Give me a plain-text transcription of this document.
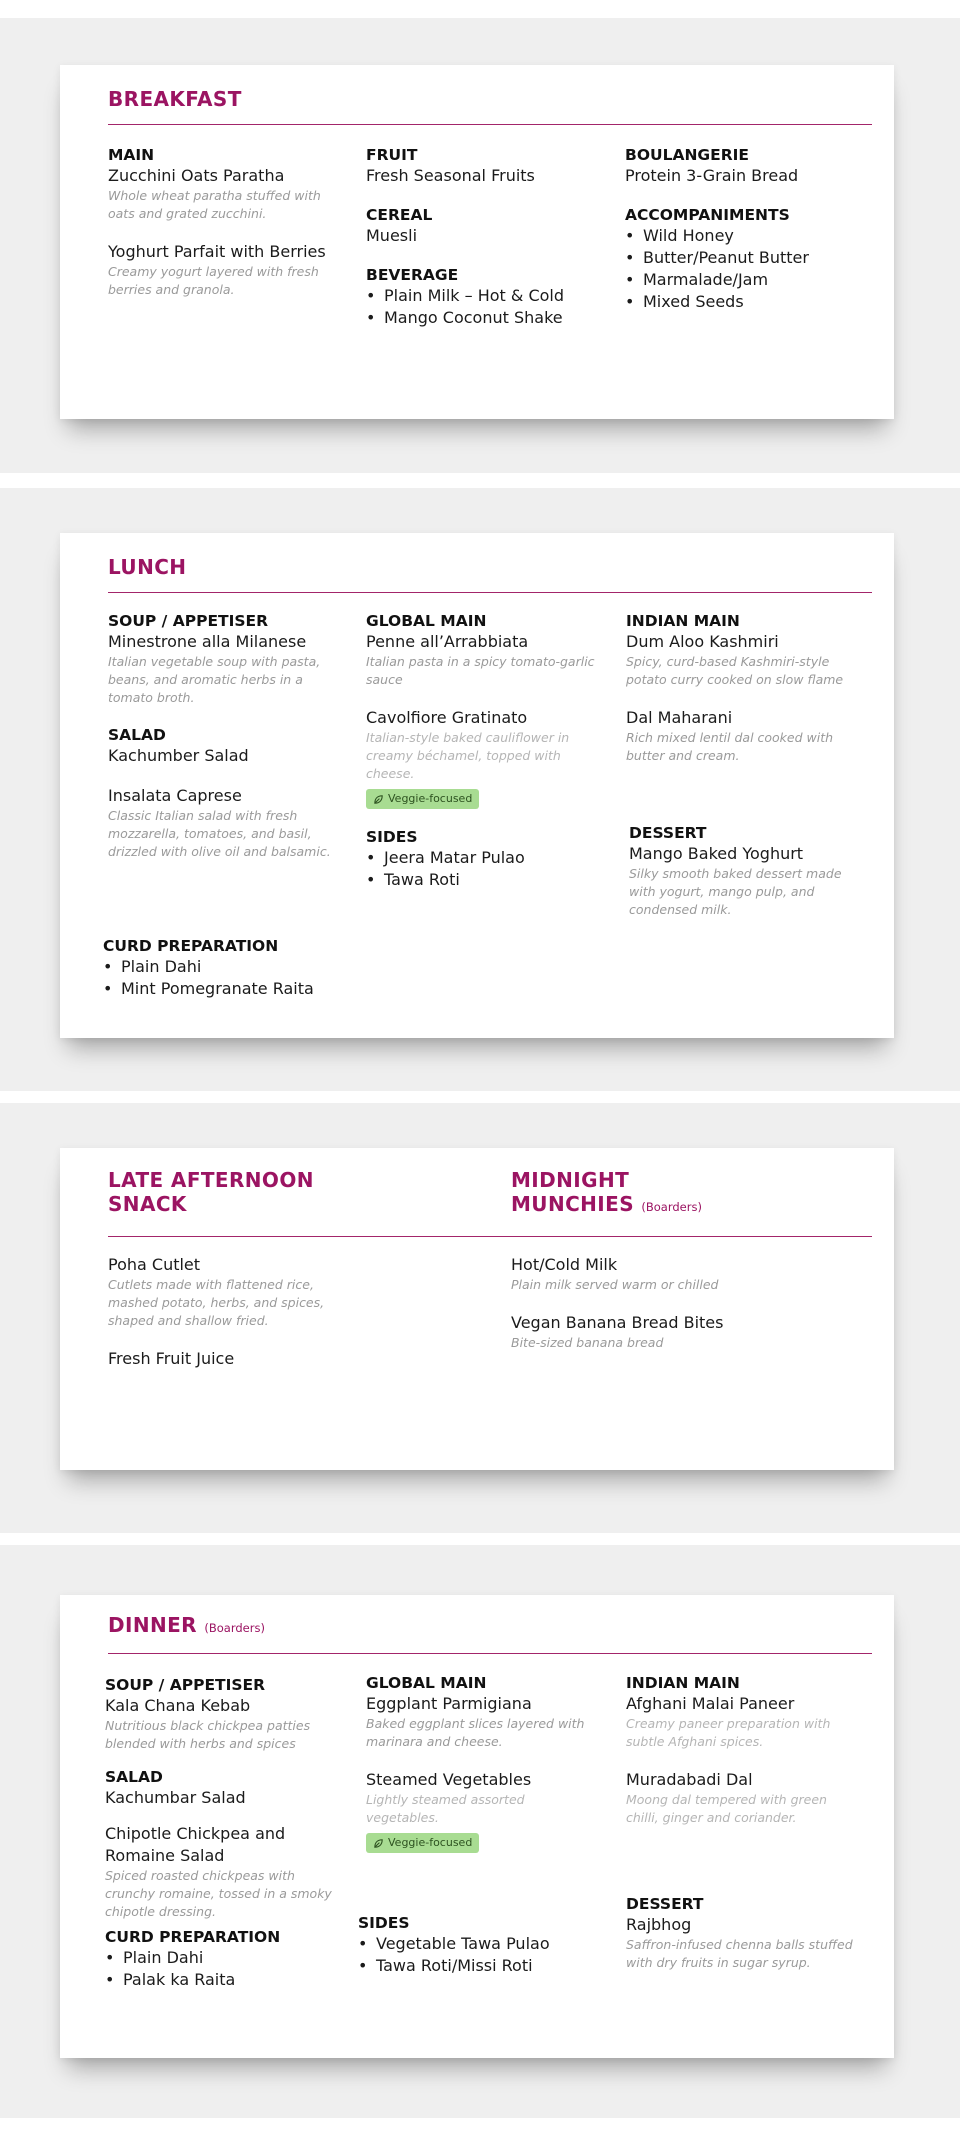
BREAKFAST
MAIN
Zucchini Oats Paratha
Whole wheat paratha stuffed with oats and grated zucchini.
Yoghurt Parfait with Berries
Creamy yogurt layered with fresh berries and granola.
FRUIT
Fresh Seasonal Fruits
CEREAL
Muesli
BEVERAGE
• Plain Milk – Hot & Cold
• Mango Coconut Shake
BOULANGERIE
Protein 3-Grain Bread
ACCOMPANIMENTS
• Wild Honey
• Butter/Peanut Butter
• Marmalade/Jam
• Mixed Seeds
LUNCH
SOUP / APPETISER
Minestrone alla Milanese
Italian vegetable soup with pasta, beans, and aromatic herbs in a tomato broth.
SALAD
Kachumber Salad
Insalata Caprese
Classic Italian salad with fresh mozzarella, tomatoes, and basil, drizzled with olive oil and balsamic.
GLOBAL MAIN
Penne all’Arrabbiata
Italian pasta in a spicy tomato-garlic sauce
Cavolfiore Gratinato
Italian-style baked cauliflower in creamy béchamel, topped with cheese.
Veggie-focused
SIDES
• Jeera Matar Pulao
• Tawa Roti
INDIAN MAIN
Dum Aloo Kashmiri
Spicy, curd-based Kashmiri-style potato curry cooked on slow flame
Dal Maharani
Rich mixed lentil dal cooked with butter and cream.
DESSERT
Mango Baked Yoghurt
Silky smooth baked dessert made with yogurt, mango pulp, and condensed milk.
CURD PREPARATION
• Plain Dahi
• Mint Pomegranate Raita
LATE AFTERNOON
SNACK
MIDNIGHT
MUNCHIES (Boarders)
Poha Cutlet
Cutlets made with flattened rice, mashed potato, herbs, and spices, shaped and shallow fried.
Fresh Fruit Juice
Hot/Cold Milk
Plain milk served warm or chilled
Vegan Banana Bread Bites
Bite-sized banana bread
DINNER (Boarders)
SOUP / APPETISER
Kala Chana Kebab
Nutritious black chickpea patties blended with herbs and spices
SALAD
Kachumbar Salad
Chipotle Chickpea and Romaine Salad
Spiced roasted chickpeas with crunchy romaine, tossed in a smoky chipotle dressing.
CURD PREPARATION
• Plain Dahi
• Palak ka Raita
GLOBAL MAIN
Eggplant Parmigiana
Baked eggplant slices layered with marinara and cheese.
Steamed Vegetables
Lightly steamed assorted vegetables.
Veggie-focused
SIDES
• Vegetable Tawa Pulao
• Tawa Roti/Missi Roti
INDIAN MAIN
Afghani Malai Paneer
Creamy paneer preparation with subtle Afghani spices.
Muradabadi Dal
Moong dal tempered with green chilli, ginger and coriander.
DESSERT
Rajbhog
Saffron-infused chenna balls stuffed with dry fruits in sugar syrup.
